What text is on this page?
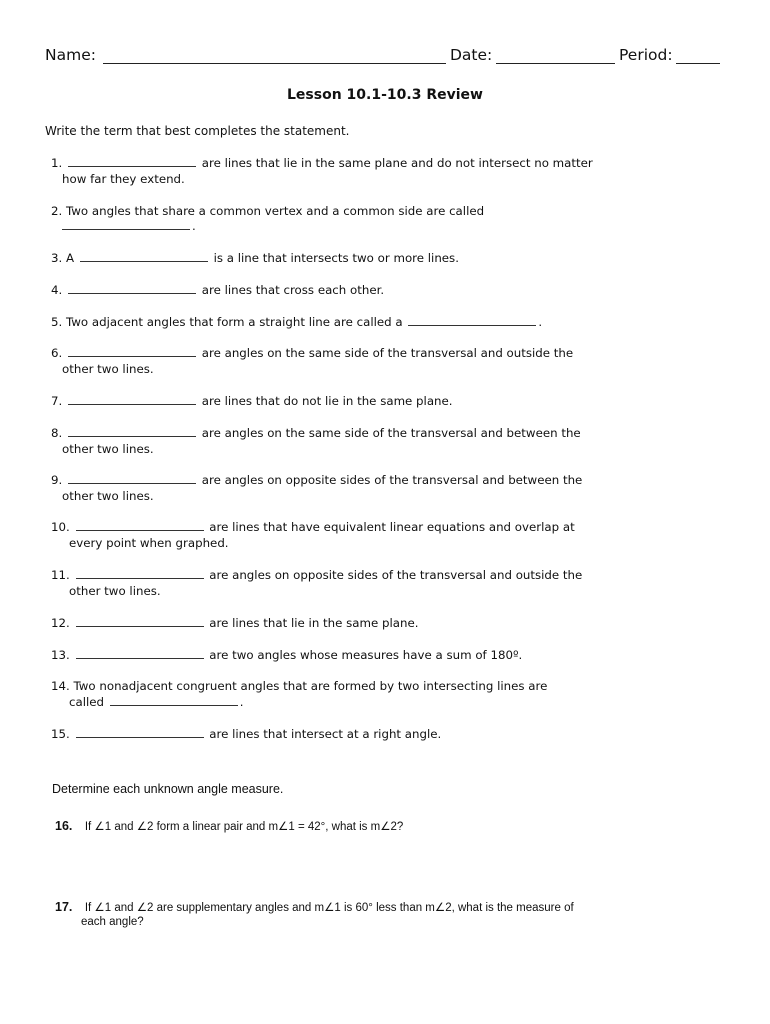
Name:	Date:	Period:
Lesson 10.1-10.3 Review
Write the term that best completes the statement.
1.	are lines that lie in the same plane and do not intersect no matter
how far they extend.
2. Two angles that share a common vertex and a common side are called
.
3. A	is a line that intersects two or more lines.
4.	are lines that cross each other.
5. Two adjacent angles that form a straight line are called a	.
6.	are angles on the same side of the transversal and outside the
other two lines.
7.	are lines that do not lie in the same plane.
8.	are angles on the same side of the transversal and between the
other two lines.
9.	are angles on opposite sides of the transversal and between the
other two lines.
10.	are lines that have equivalent linear equations and overlap at
every point when graphed.
11.	are angles on opposite sides of the transversal and outside the
other two lines.
12.	are lines that lie in the same plane.
13.	are two angles whose measures have a sum of 180º.
14. Two nonadjacent congruent angles that are formed by two intersecting lines are
called	.
15.	are lines that intersect at a right angle.
Determine each unknown angle measure.
16. If ∠1 and ∠2 form a linear pair and m∠1 = 42°, what is m∠2?
17. If ∠1 and ∠2 are supplementary angles and m∠1 is 60° less than m∠2, what is the measure of
each angle?
